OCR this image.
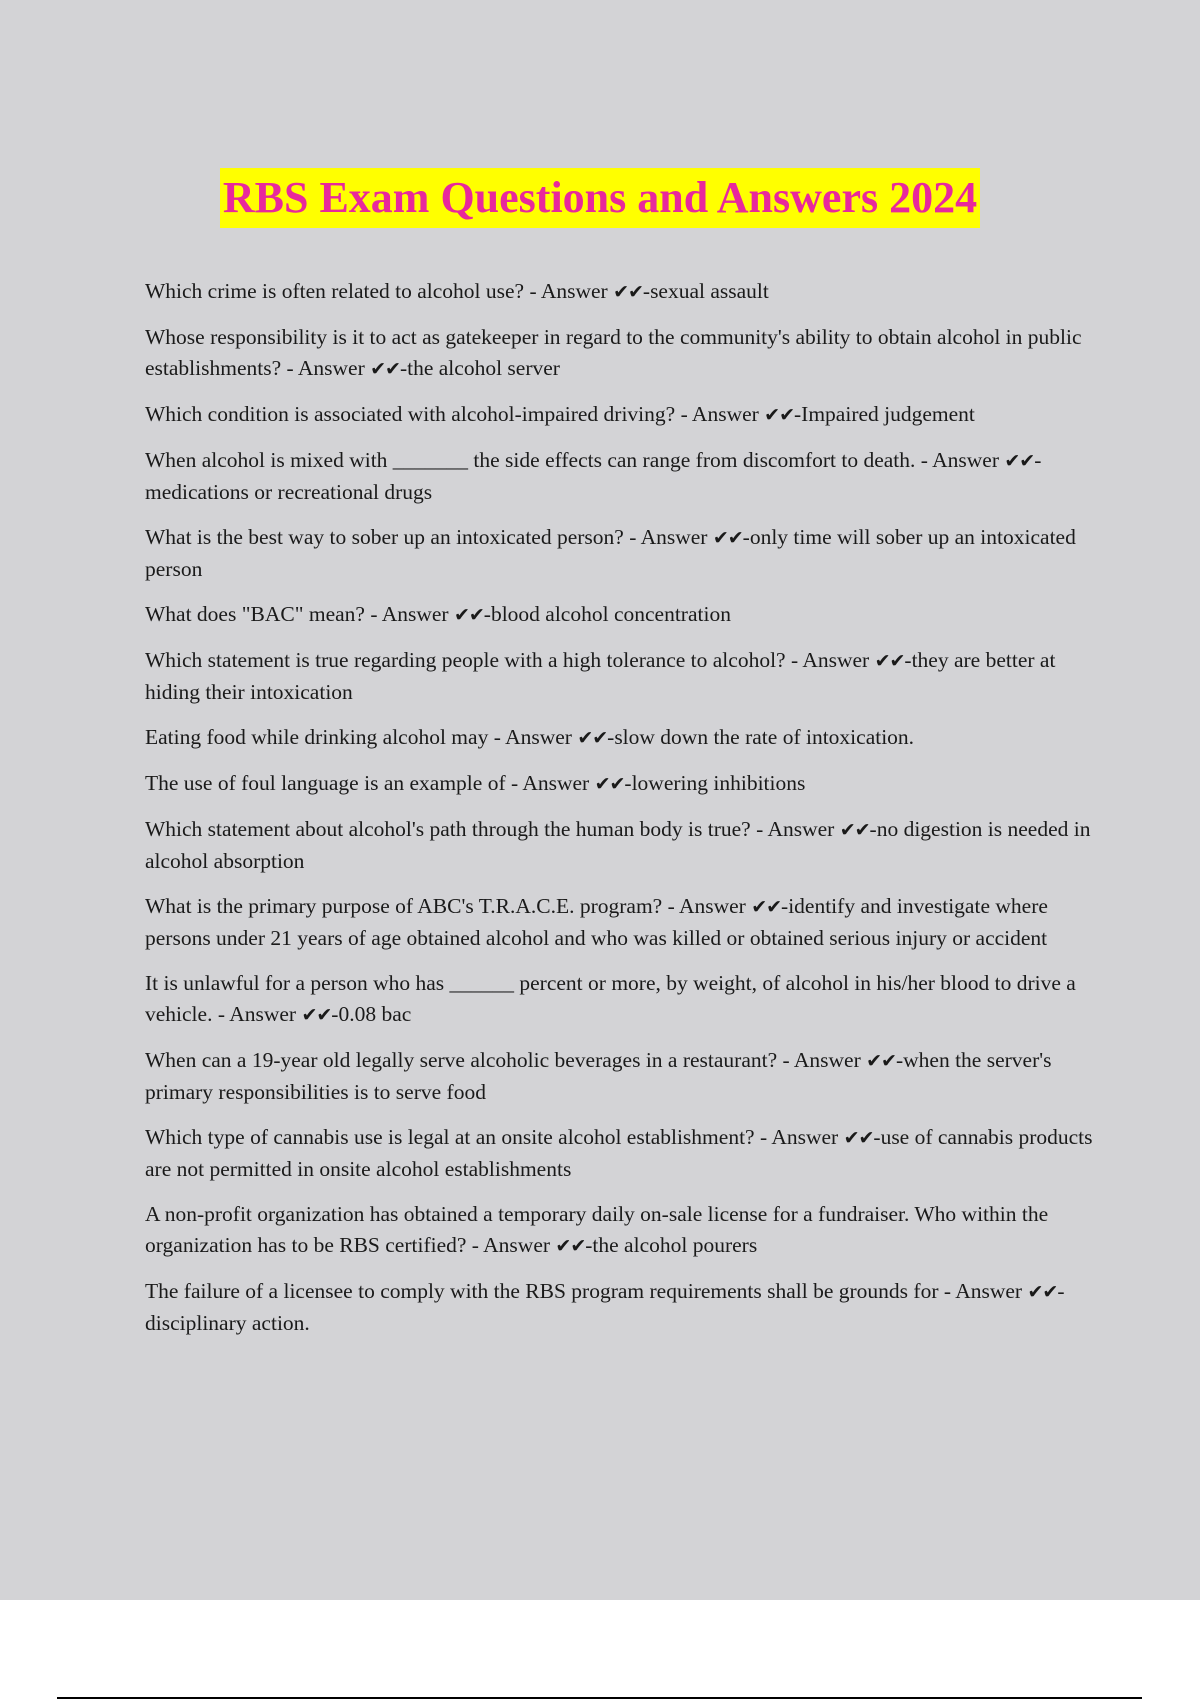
RBS Exam Questions and Answers 2024
Which crime is often related to alcohol use? - Answer ✔✔-sexual assault
Whose responsibility is it to act as gatekeeper in regard to the community's ability to obtain alcohol in public establishments? - Answer ✔✔-the alcohol server
Which condition is associated with alcohol-impaired driving? - Answer ✔✔-Impaired judgement
When alcohol is mixed with _______ the side effects can range from discomfort to death. - Answer ✔✔-medications or recreational drugs
What is the best way to sober up an intoxicated person? - Answer ✔✔-only time will sober up an intoxicated person
What does "BAC" mean? - Answer ✔✔-blood alcohol concentration
Which statement is true regarding people with a high tolerance to alcohol? - Answer ✔✔-they are better at hiding their intoxication
Eating food while drinking alcohol may - Answer ✔✔-slow down the rate of intoxication.
The use of foul language is an example of - Answer ✔✔-lowering inhibitions
Which statement about alcohol's path through the human body is true? - Answer ✔✔-no digestion is needed in alcohol absorption
What is the primary purpose of ABC's T.R.A.C.E. program? - Answer ✔✔-identify and investigate where persons under 21 years of age obtained alcohol and who was killed or obtained serious injury or accident
It is unlawful for a person who has ______ percent or more, by weight, of alcohol in his/her blood to drive a vehicle. - Answer ✔✔-0.08 bac
When can a 19-year old legally serve alcoholic beverages in a restaurant? - Answer ✔✔-when the server's primary responsibilities is to serve food
Which type of cannabis use is legal at an onsite alcohol establishment? - Answer ✔✔-use of cannabis products are not permitted in onsite alcohol establishments
A non-profit organization has obtained a temporary daily on-sale license for a fundraiser. Who within the organization has to be RBS certified? - Answer ✔✔-the alcohol pourers
The failure of a licensee to comply with the RBS program requirements shall be grounds for - Answer ✔✔-disciplinary action.
